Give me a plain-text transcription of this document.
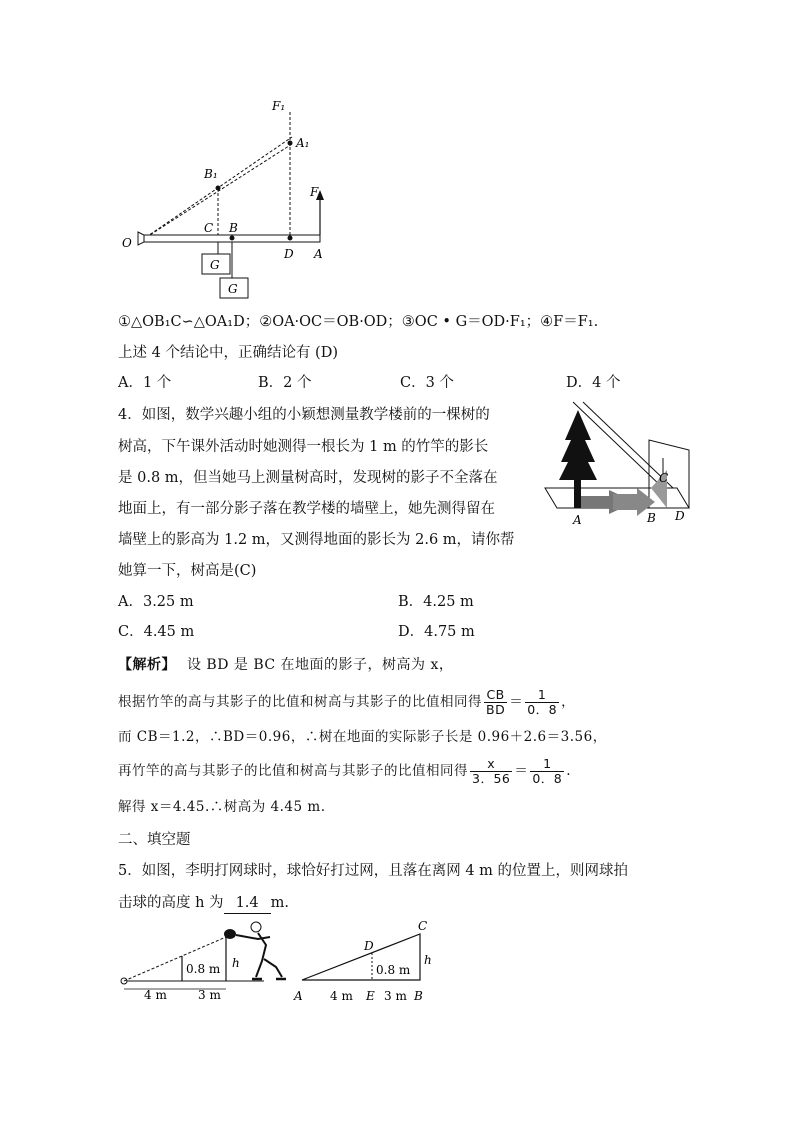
F₁
A₁
B₁
F
O
C B
D A
G
G
①△OB₁C∽△OA₁D；②OA·OC＝OB·OD；③OC • G＝OD·F₁；④F＝F₁.
上述 4 个结论中，正确结论有 (D)
A．1 个	B．2 个	C．3 个	D．4 个
4．如图，数学兴趣小组的小颖想测量教学楼前的一棵树的
树高，下午课外活动时她测得一根长为 1 m 的竹竿的影长
是 0.8 m，但当她马上测量树高时，发现树的影子不全落在
地面上，有一部分影子落在教学楼的墙壁上，她先测得留在
墙壁上的影高为 1.2 m，又测得地面的影长为 2.6 m，请你帮
她算一下，树高是(C)
A	B
C
D
A．3.25 m	B．4.25 m
C．4.45 m	D．4.75 m
【解析】 设 BD 是 BC 在地面的影子，树高为 x，
根据竹竿的高与其影子的比值和树高与其影子的比值相同得 $\frac{CB}{BD} = \frac{1}{0.8}$ ，
而 CB＝1.2，∴BD＝0.96，∴树在地面的实际影子长是 0.96＋2.6＝3.56，
再竹竿的高与其影子的比值和树高与其影子的比值相同得 $\frac{x}{3.56} = \frac{1}{0.8}$ .
解得 x＝4.45.∴树高为 4.45 m.
二、填空题
5．如图，李明打网球时，球恰好打过网，且落在离网 4 m 的位置上，则网球拍
击球的高度 h 为 1.4 m.
0.8 m h
4 m	3 m	A
D
C
E	B
0.8 m
h
4 m	3 m
